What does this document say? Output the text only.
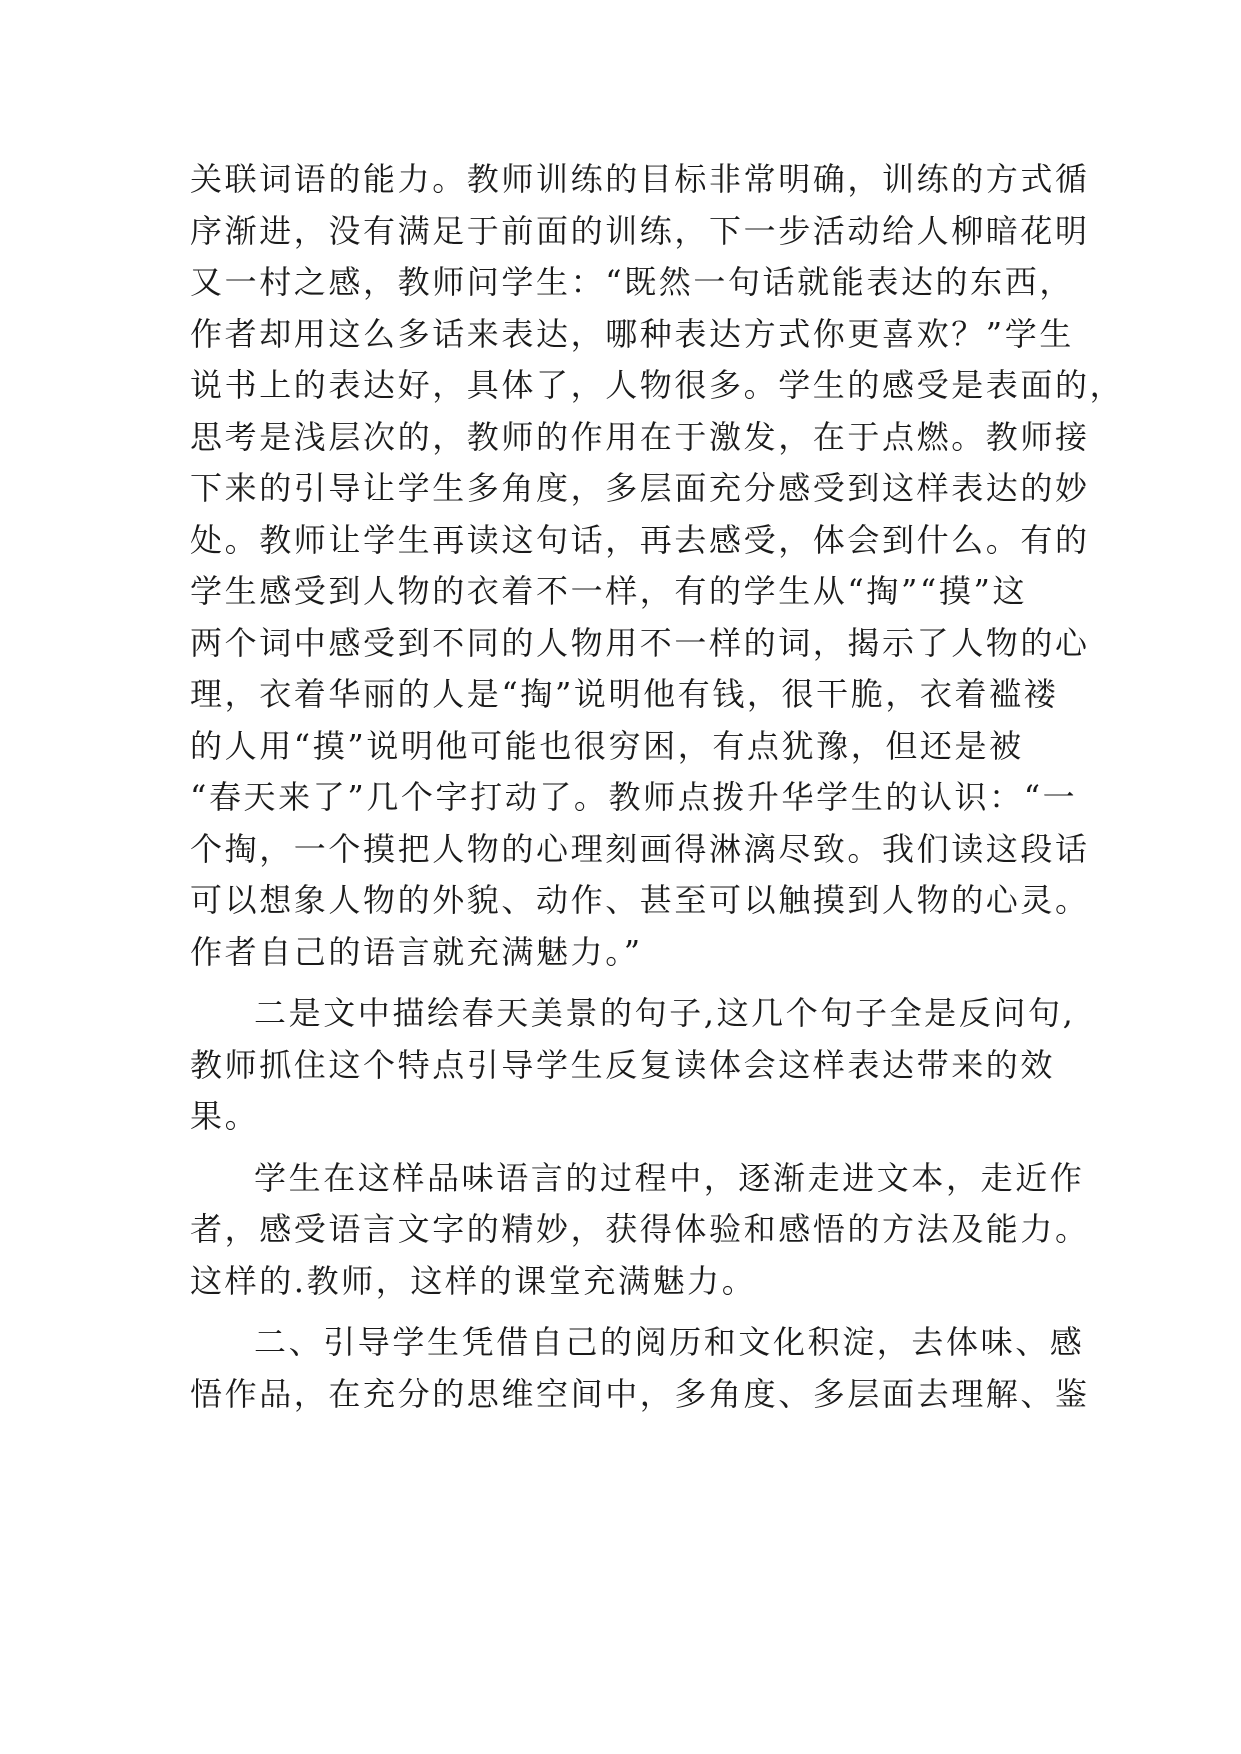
关联词语的能力。教师训练的目标非常明确，训练的方式循
序渐进，没有满足于前面的训练，下一步活动给人柳暗花明
又一村之感，教师问学生：“既然一句话就能表达的东西，
作者却用这么多话来表达，哪种表达方式你更喜欢？”学生
说书上的表达好，具体了，人物很多。学生的感受是表面的，
思考是浅层次的，教师的作用在于激发，在于点燃。教师接
下来的引导让学生多角度，多层面充分感受到这样表达的妙
处。教师让学生再读这句话，再去感受，体会到什么。有的
学生感受到人物的衣着不一样，有的学生从“掏”“摸”这
两个词中感受到不同的人物用不一样的词，揭示了人物的心
理，衣着华丽的人是“掏”说明他有钱，很干脆，衣着褴褛
的人用“摸”说明他可能也很穷困，有点犹豫，但还是被
“春天来了”几个字打动了。教师点拨升华学生的认识：“一
个掏，一个摸把人物的心理刻画得淋漓尽致。我们读这段话
可以想象人物的外貌、动作、甚至可以触摸到人物的心灵。
作者自己的语言就充满魅力。”
二是文中描绘春天美景的句子,这几个句子全是反问句,
教师抓住这个特点引导学生反复读体会这样表达带来的效
果。
学生在这样品味语言的过程中，逐渐走进文本，走近作
者，感受语言文字的精妙，获得体验和感悟的方法及能力。
这样的.教师，这样的课堂充满魅力。
二、引导学生凭借自己的阅历和文化积淀，去体味、感
悟作品，在充分的思维空间中，多角度、多层面去理解、鉴
